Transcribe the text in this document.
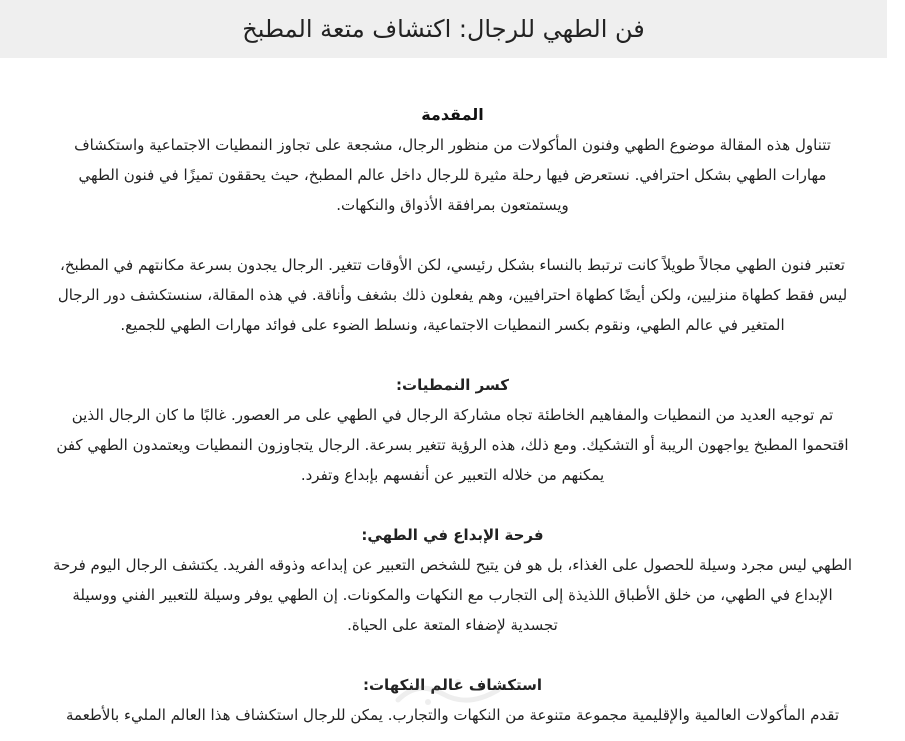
فن الطهي للرجال: اكتشاف متعة المطبخ
المقدمة

تتناول هذه المقالة موضوع الطهي وفنون المأكولات من منظور الرجال، مشجعة على تجاوز النمطيات الاجتماعية واستكشاف
مهارات الطهي بشكل احترافي. نستعرض فيها رحلة مثيرة للرجال داخل عالم المطبخ، حيث يحققون تميزًا في فنون الطهي
ويستمتعون بمرافقة الأذواق والنكهات.

تعتبر فنون الطهي مجالاً طويلاً كانت ترتبط بالنساء بشكل رئيسي، لكن الأوقات تتغير. الرجال يجدون بسرعة مكانتهم في المطبخ،
ليس فقط كطهاة منزليين، ولكن أيضًا كطهاة احترافيين، وهم يفعلون ذلك بشغف وأناقة. في هذه المقالة، سنستكشف دور الرجال
المتغير في عالم الطهي، ونقوم بكسر النمطيات الاجتماعية، ونسلط الضوء على فوائد مهارات الطهي للجميع.

كسر النمطيات:

تم توجيه العديد من النمطيات والمفاهيم الخاطئة تجاه مشاركة الرجال في الطهي على مر العصور. غالبًا ما كان الرجال الذين
اقتحموا المطبخ يواجهون الريبة أو التشكيك. ومع ذلك، هذه الرؤية تتغير بسرعة. الرجال يتجاوزون النمطيات ويعتمدون الطهي كفن
يمكنهم من خلاله التعبير عن أنفسهم بإبداع وتفرد.

فرحة الإبداع في الطهي:

الطهي ليس مجرد وسيلة للحصول على الغذاء، بل هو فن يتيح للشخص التعبير عن إبداعه وذوقه الفريد. يكتشف الرجال اليوم فرحة
الإبداع في الطهي، من خلق الأطباق اللذيذة إلى التجارب مع النكهات والمكونات. إن الطهي يوفر وسيلة للتعبير الفني ووسيلة
تجسدية لإضفاء المتعة على الحياة.

استكشاف عالم النكهات:

تقدم المأكولات العالمية والإقليمية مجموعة متنوعة من النكهات والتجارب. يمكن للرجال استكشاف هذا العالم المليء بالأطعمة
